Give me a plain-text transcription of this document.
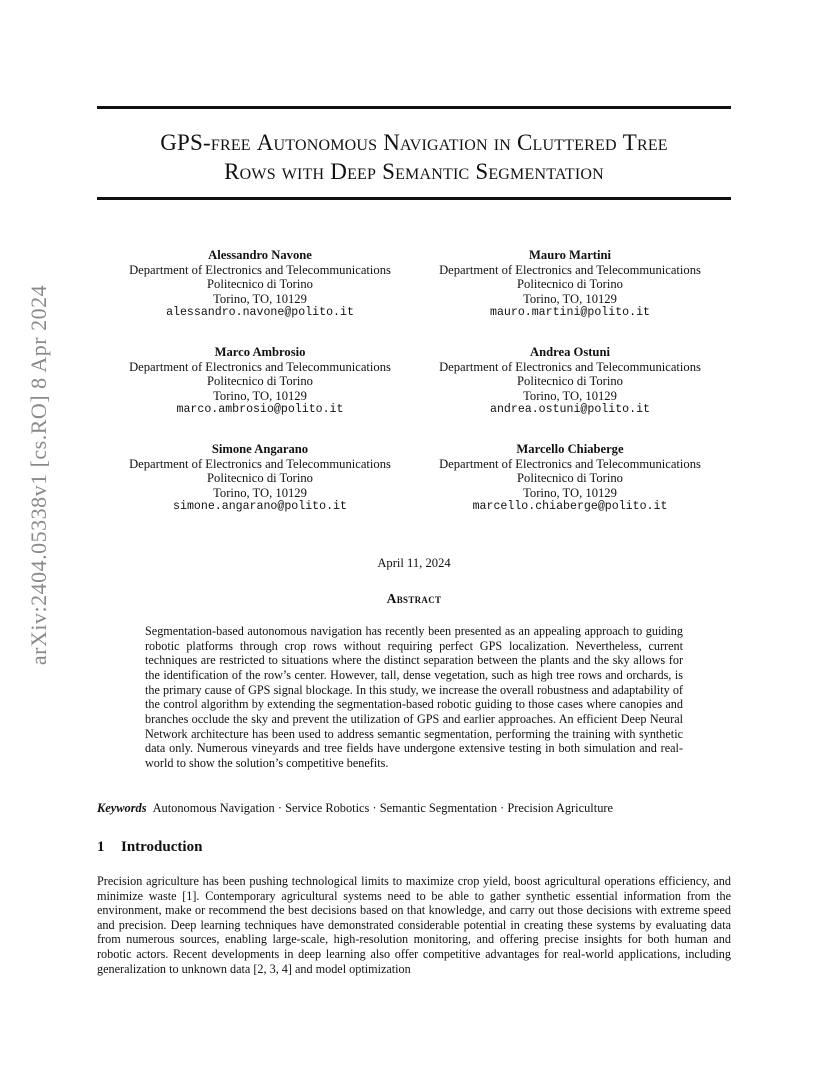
arXiv:2404.05338v1 [cs.RO] 8 Apr 2024
GPS-free Autonomous Navigation in Cluttered Tree
Rows with Deep Semantic Segmentation
Alessandro Navone
Department of Electronics and Telecommunications
Politecnico di Torino
Torino, TO, 10129
alessandro.navone@polito.it
Mauro Martini
Department of Electronics and Telecommunications
Politecnico di Torino
Torino, TO, 10129
mauro.martini@polito.it
Marco Ambrosio
Department of Electronics and Telecommunications
Politecnico di Torino
Torino, TO, 10129
marco.ambrosio@polito.it
Andrea Ostuni
Department of Electronics and Telecommunications
Politecnico di Torino
Torino, TO, 10129
andrea.ostuni@polito.it
Simone Angarano
Department of Electronics and Telecommunications
Politecnico di Torino
Torino, TO, 10129
simone.angarano@polito.it
Marcello Chiaberge
Department of Electronics and Telecommunications
Politecnico di Torino
Torino, TO, 10129
marcello.chiaberge@polito.it
April 11, 2024
Abstract
Segmentation-based autonomous navigation has recently been presented as an appealing approach to guiding robotic platforms through crop rows without requiring perfect GPS localization. Nevertheless, current techniques are restricted to situations where the distinct separation between the plants and the sky allows for the identification of the row’s center. However, tall, dense vegetation, such as high tree rows and orchards, is the primary cause of GPS signal blockage. In this study, we increase the overall robustness and adaptability of the control algorithm by extending the segmentation-based robotic guiding to those cases where canopies and branches occlude the sky and prevent the utilization of GPS and earlier approaches. An efficient Deep Neural Network architecture has been used to address semantic segmentation, performing the training with synthetic data only. Numerous vineyards and tree fields have undergone extensive testing in both simulation and real-world to show the solution’s competitive benefits.
Keywords Autonomous Navigation · Service Robotics · Semantic Segmentation · Precision Agriculture
1 Introduction
Precision agriculture has been pushing technological limits to maximize crop yield, boost agricultural operations efficiency, and minimize waste [1]. Contemporary agricultural systems need to be able to gather synthetic essential information from the environment, make or recommend the best decisions based on that knowledge, and carry out those decisions with extreme speed and precision. Deep learning techniques have demonstrated considerable potential in creating these systems by evaluating data from numerous sources, enabling large-scale, high-resolution monitoring, and offering precise insights for both human and robotic actors. Recent developments in deep learning also offer competitive advantages for real-world applications, including generalization to unknown data [2, 3, 4] and model optimization
